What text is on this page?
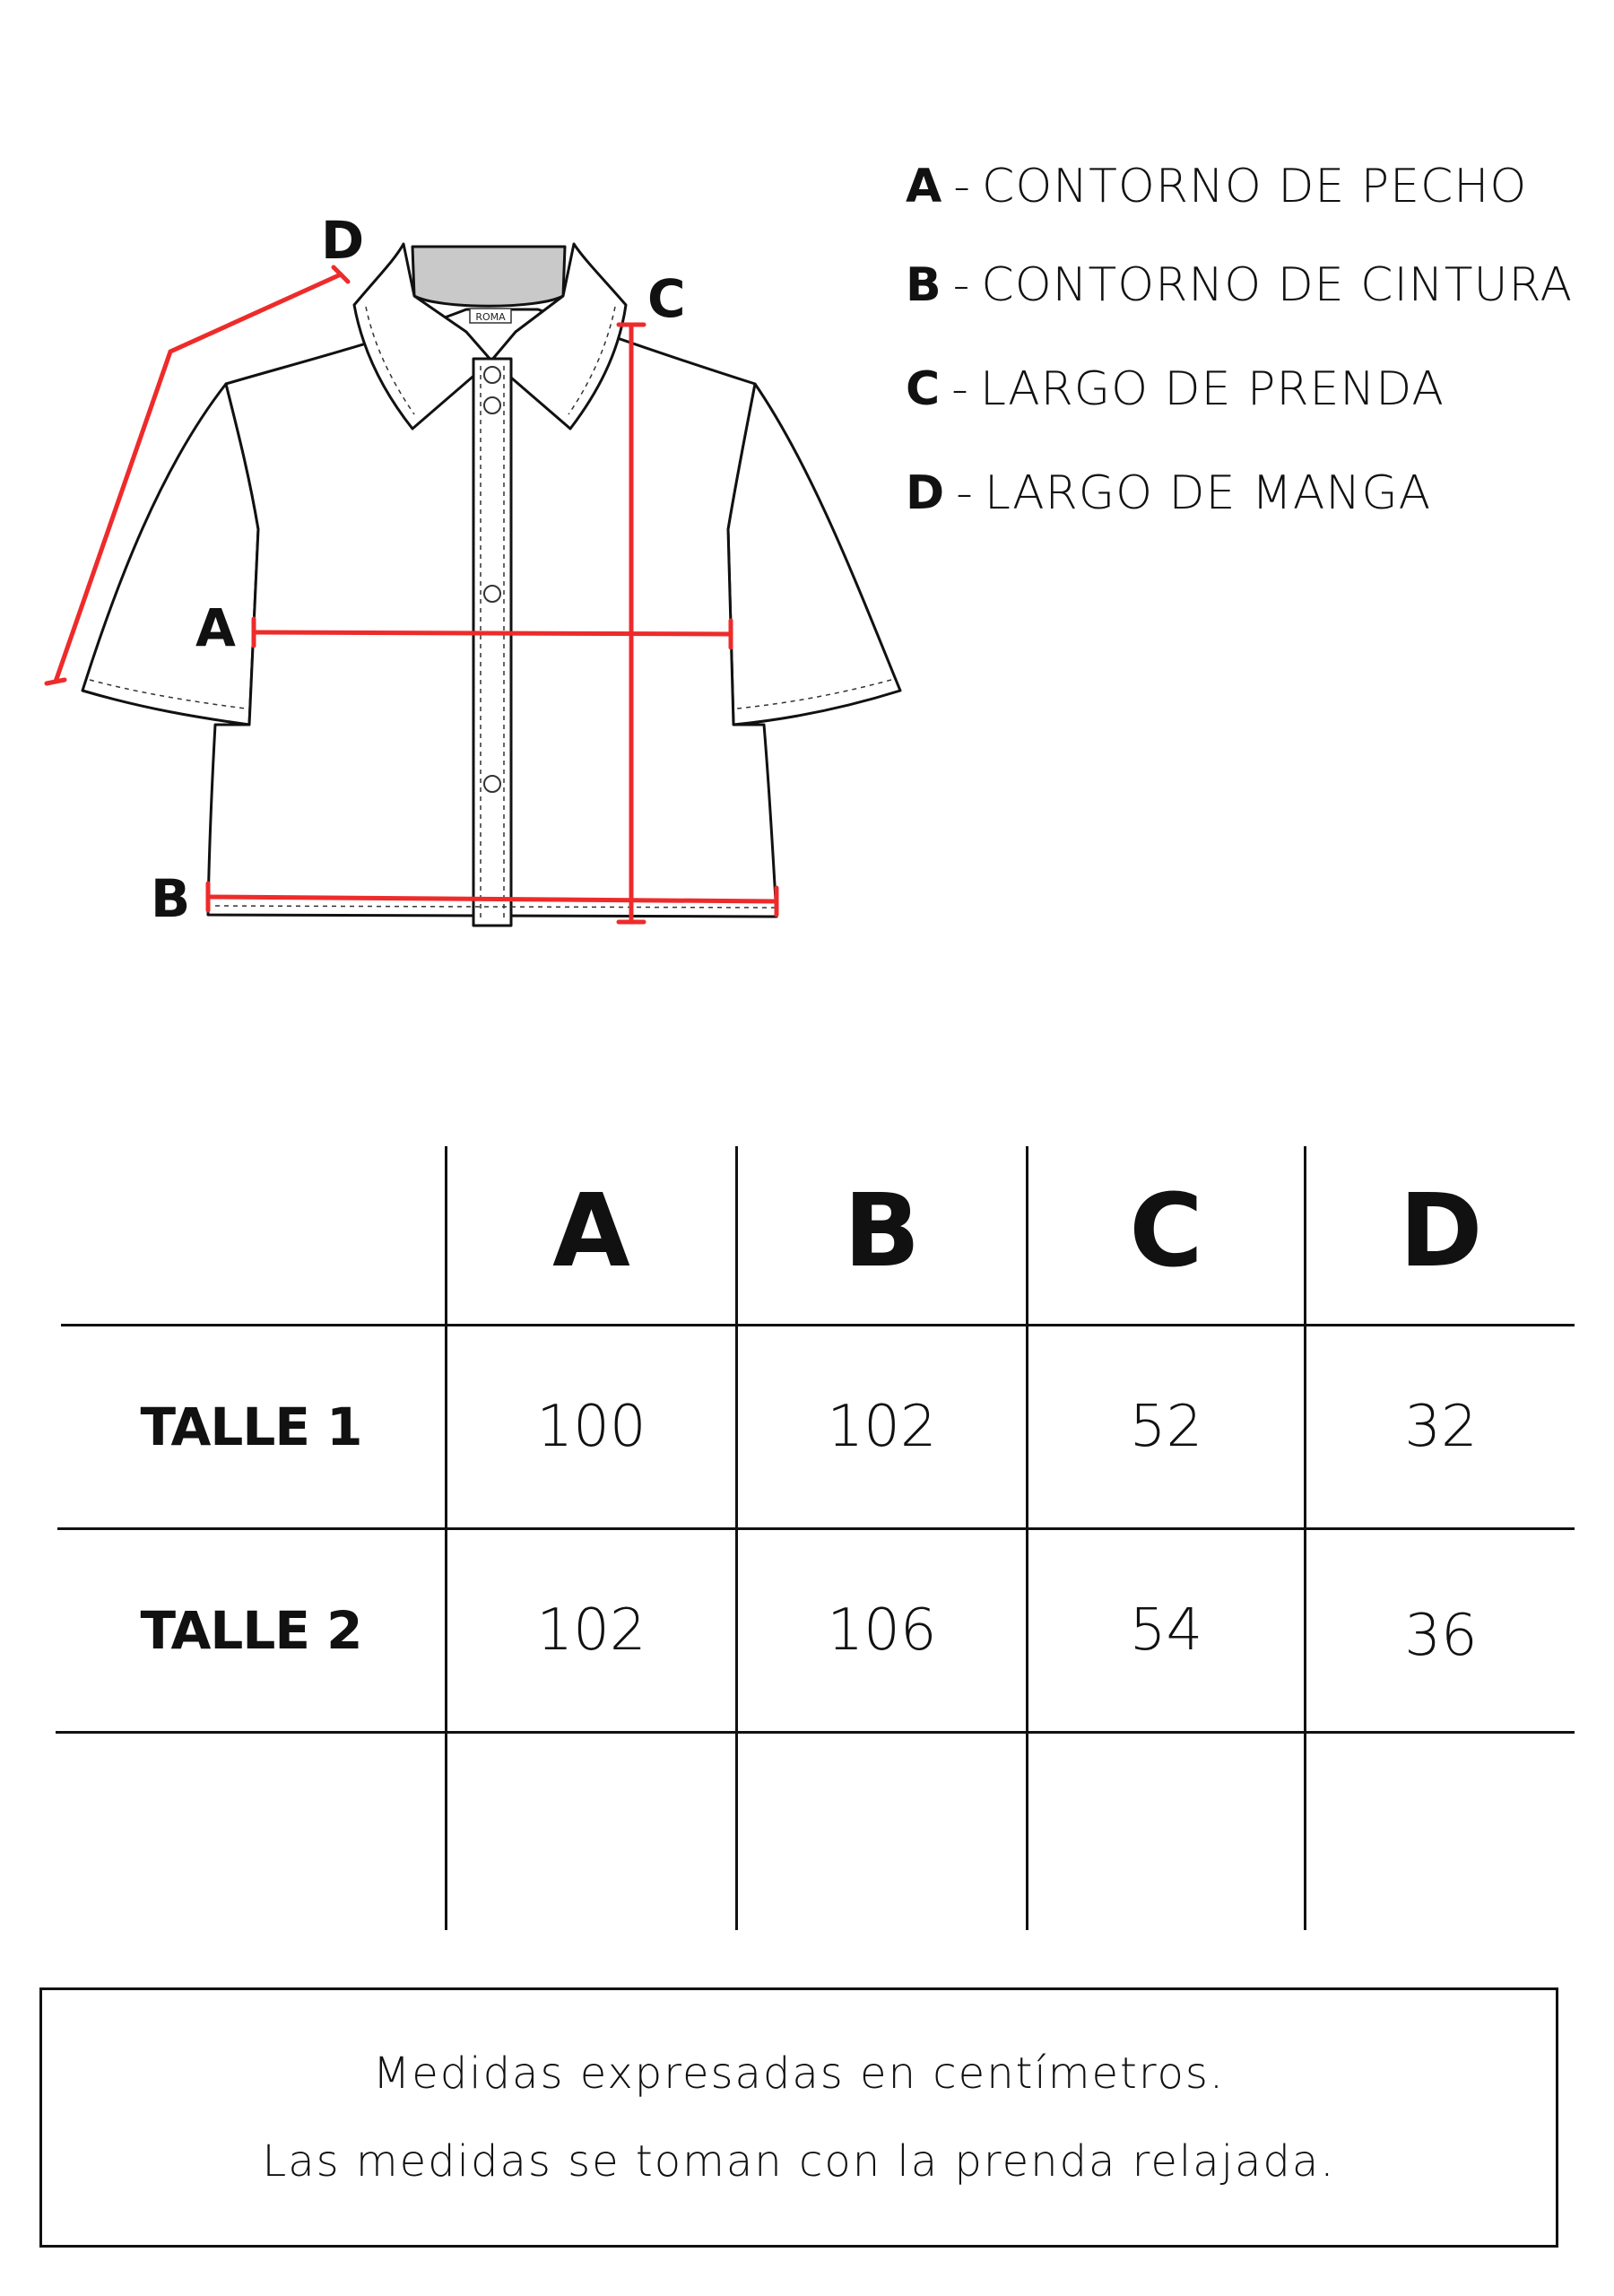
ROMA
D
C
A
B
A - CONTORNO DE PECHO
B - CONTORNO DE CINTURA
C - LARGO DE PRENDA
D - LARGO DE MANGA
A	B	C	D
TALLE 1	100	102	52	32
TALLE 2	102	106	54	36

Medidas expresadas en centímetros.

Las medidas se toman con la prenda relajada.
